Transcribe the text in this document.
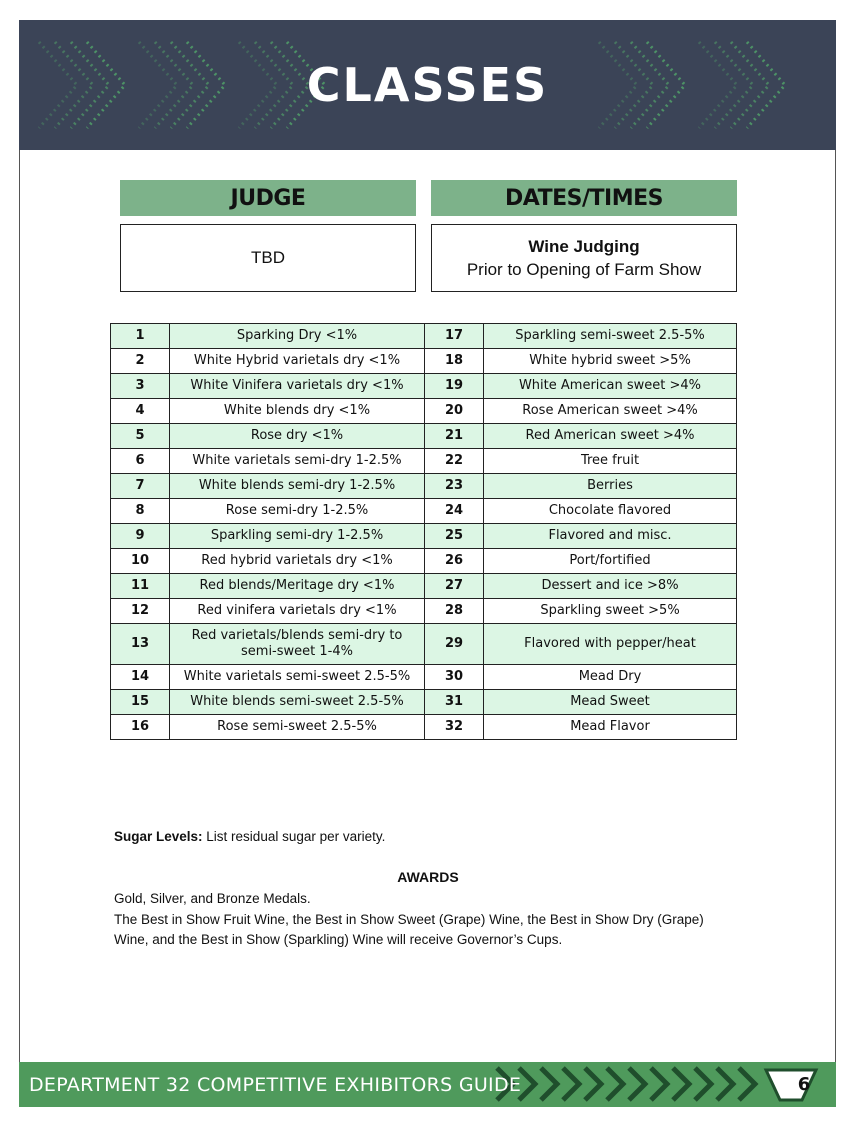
CLASSES
JUDGE	DATES/TIMES
TBD
Wine Judging
Prior to Opening of Farm Show
1	Sparking Dry <1%	17	Sparkling semi-sweet 2.5-5%
2	White Hybrid varietals dry <1%	18	White hybrid sweet >5%
3	White Vinifera varietals dry <1%	19	White American sweet >4%
4	White blends dry <1%	20	Rose American sweet >4%
5	Rose dry <1%	21	Red American sweet >4%
6	White varietals semi-dry 1-2.5%	22	Tree fruit
7	White blends semi-dry 1-2.5%	23	Berries
8	Rose semi-dry 1-2.5%	24	Chocolate flavored
9	Sparkling semi-dry 1-2.5%	25	Flavored and misc.
10	Red hybrid varietals dry <1%	26	Port/fortified
11	Red blends/Meritage dry <1%	27	Dessert and ice >8%
12	Red vinifera varietals dry <1%	28	Sparkling sweet >5%
13	Red varietals/blends semi-dry to semi-sweet 1-4%	29	Flavored with pepper/heat
14	White varietals semi-sweet 2.5-5%	30	Mead Dry
15	White blends semi-sweet 2.5-5%	31	Mead Sweet
16	Rose semi-sweet 2.5-5%	32	Mead Flavor
Sugar Levels: List residual sugar per variety.
AWARDS
Gold, Silver, and Bronze Medals.
The Best in Show Fruit Wine, the Best in Show Sweet (Grape) Wine, the Best in Show Dry (Grape) Wine, and the Best in Show (Sparkling) Wine will receive Governor’s Cups.
DEPARTMENT 32 COMPETITIVE EXHIBITORS GUIDE	6
